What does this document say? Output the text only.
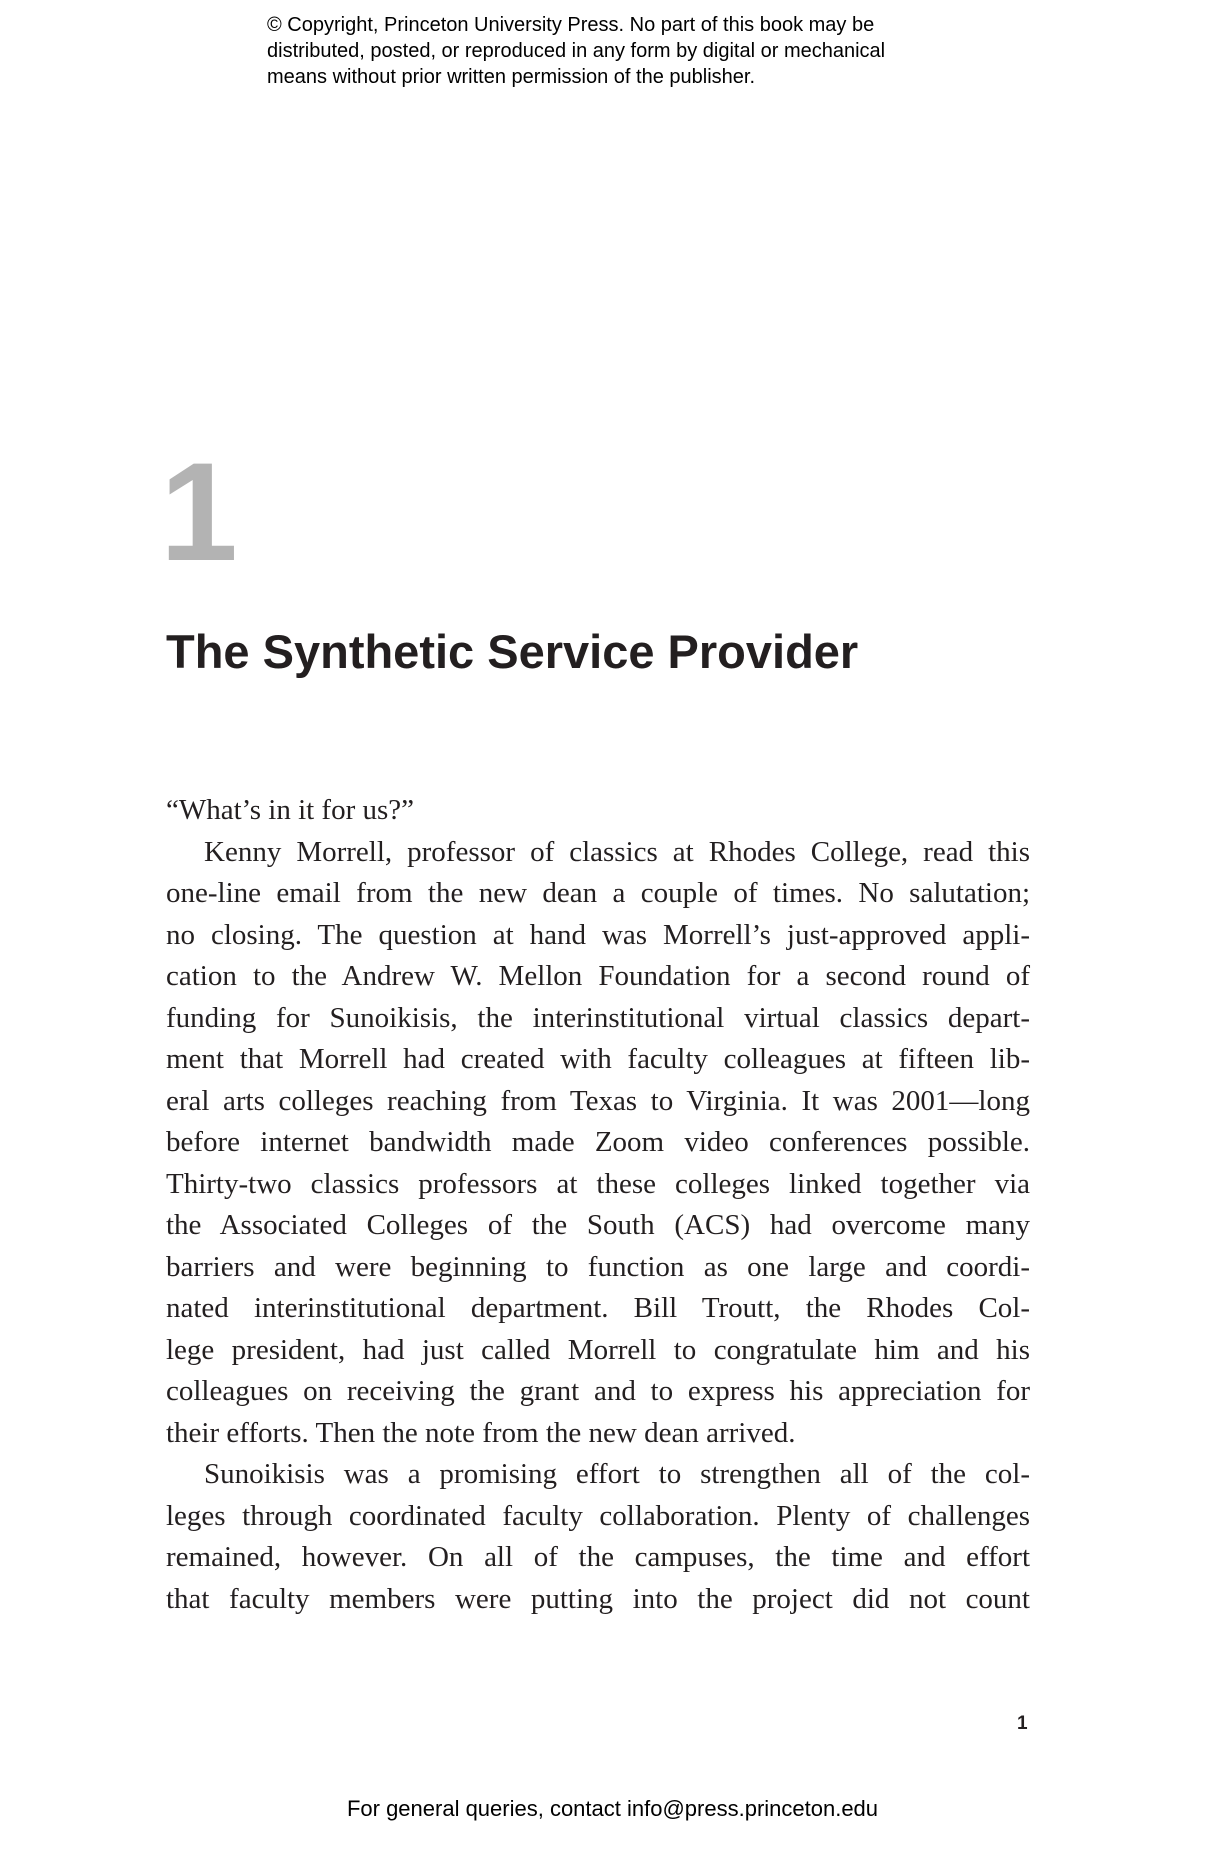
© Copyright, Princeton University Press. No part of this book may be
distributed, posted, or reproduced in any form by digital or mechanical
means without prior written permission of the publisher.
1
The Synthetic Service Provider
“What’s in it for us?”
Kenny Morrell, professor of classics at Rhodes College, read this
one-line email from the new dean a couple of times. No salutation;
no closing. The question at hand was Morrell’s just-approved appli-
cation to the Andrew W. Mellon Foundation for a second round of
funding for Sunoikisis, the interinstitutional virtual classics depart-
ment that Morrell had created with faculty colleagues at fifteen lib-
eral arts colleges reaching from Texas to Virginia. It was 2001—long
before internet bandwidth made Zoom video conferences possible.
Thirty-two classics professors at these colleges linked together via
the Associated Colleges of the South (ACS) had overcome many
barriers and were beginning to function as one large and coordi-
nated interinstitutional department. Bill Troutt, the Rhodes Col-
lege president, had just called Morrell to congratulate him and his
colleagues on receiving the grant and to express his appreciation for
their efforts. Then the note from the new dean arrived.
Sunoikisis was a promising effort to strengthen all of the col-
leges through coordinated faculty collaboration. Plenty of challenges
remained, however. On all of the campuses, the time and effort
that faculty members were putting into the project did not count
1
For general queries, contact info@press.princeton.edu
